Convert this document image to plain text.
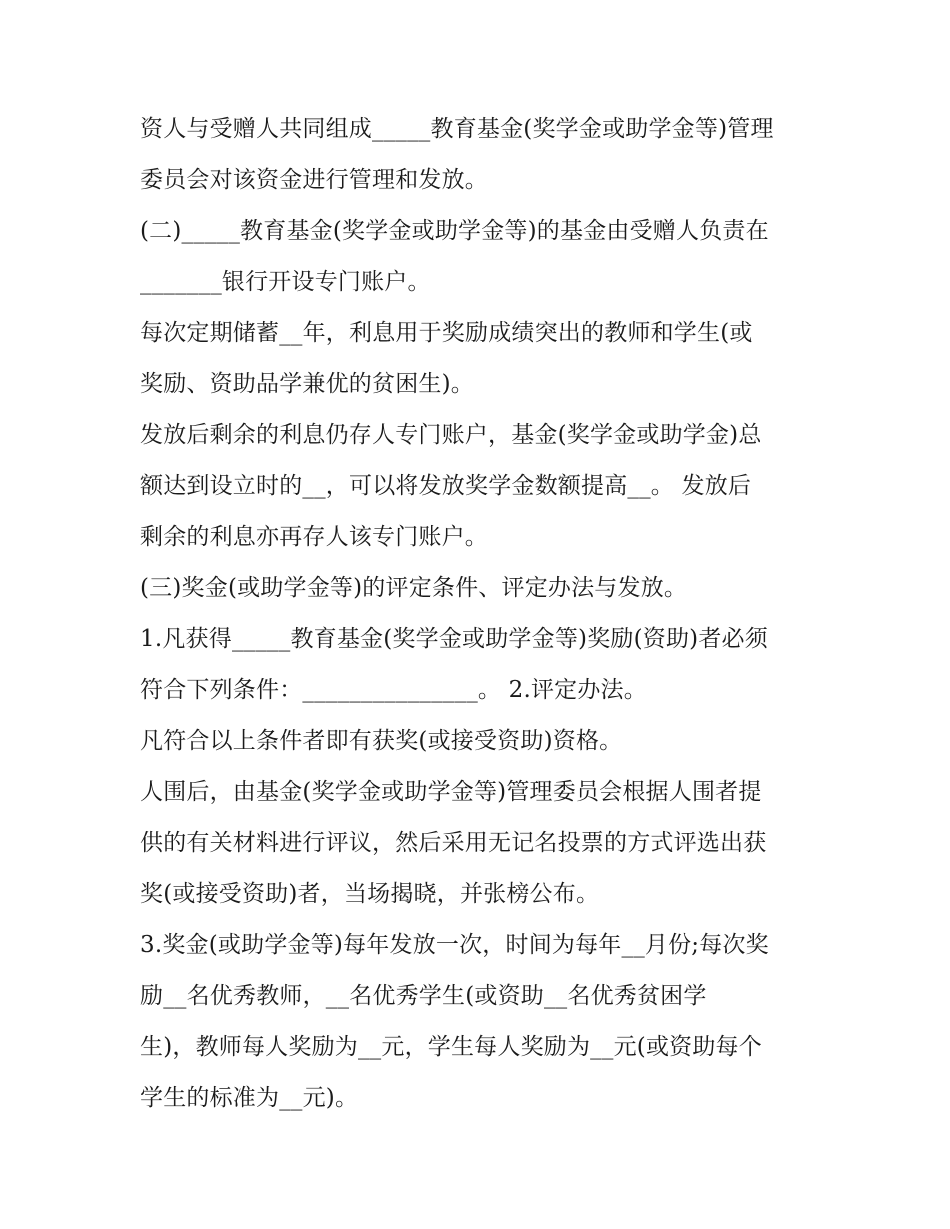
资人与受赠人共同组成_____教育基金(奖学金或助学金等)管理
委员会对该资金进行管理和发放。
(二)_____教育基金(奖学金或助学金等)的基金由受赠人负责在
_______银行开设专门账户。
每次定期储蓄__年，利息用于奖励成绩突出的教师和学生(或
奖励、资助品学兼优的贫困生)。
发放后剩余的利息仍存人专门账户，基金(奖学金或助学金)总
额达到设立时的__，可以将发放奖学金数额提高__。 发放后
剩余的利息亦再存人该专门账户。
(三)奖金(或助学金等)的评定条件、评定办法与发放。
1.凡获得_____教育基金(奖学金或助学金等)奖励(资助)者必须
符合下列条件：_______________。 2.评定办法。
凡符合以上条件者即有获奖(或接受资助)资格。
人围后，由基金(奖学金或助学金等)管理委员会根据人围者提
供的有关材料进行评议，然后采用无记名投票的方式评选出获
奖(或接受资助)者，当场揭晓，并张榜公布。
3.奖金(或助学金等)每年发放一次，时间为每年__月份;每次奖
励__名优秀教师，__名优秀学生(或资助__名优秀贫困学
生)，教师每人奖励为__元，学生每人奖励为__元(或资助每个
学生的标准为__元)。
